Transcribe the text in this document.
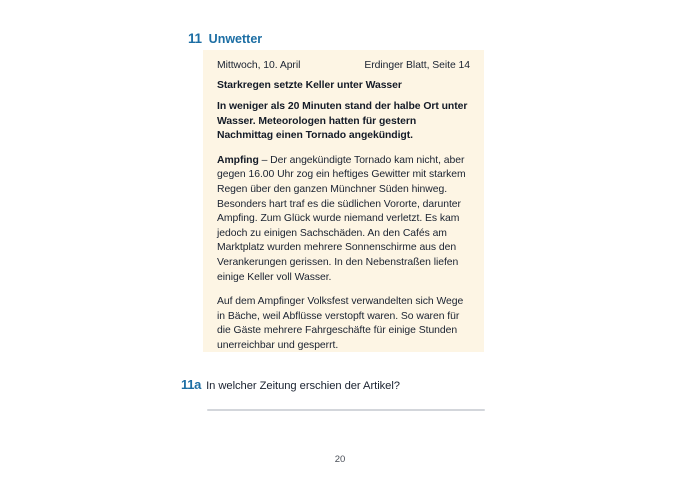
11 Unwetter
Mittwoch, 10. April	Erdinger Blatt, Seite 14

Starkregen setzte Keller unter Wasser

In weniger als 20 Minuten stand der halbe Ort unter Wasser. Meteorologen hatten für gestern Nachmittag einen Tornado angekündigt.

Ampfing – Der angekündigte Tornado kam nicht, aber gegen 16.00 Uhr zog ein heftiges Gewitter mit starkem Regen über den ganzen Münchner Süden hinweg. Besonders hart traf es die südlichen Vororte, darunter Ampfing. Zum Glück wurde niemand verletzt. Es kam jedoch zu einigen Sachschäden. An den Cafés am Marktplatz wurden mehrere Sonnenschirme aus den Verankerungen gerissen. In den Nebenstraßen liefen einige Keller voll Wasser.

Auf dem Ampfinger Volksfest verwandelten sich Wege in Bäche, weil Abflüsse verstopft waren. So waren für die Gäste mehrere Fahrgeschäfte für einige Stunden unerreichbar und gesperrt.

11a In welcher Zeitung erschien der Artikel?
20
